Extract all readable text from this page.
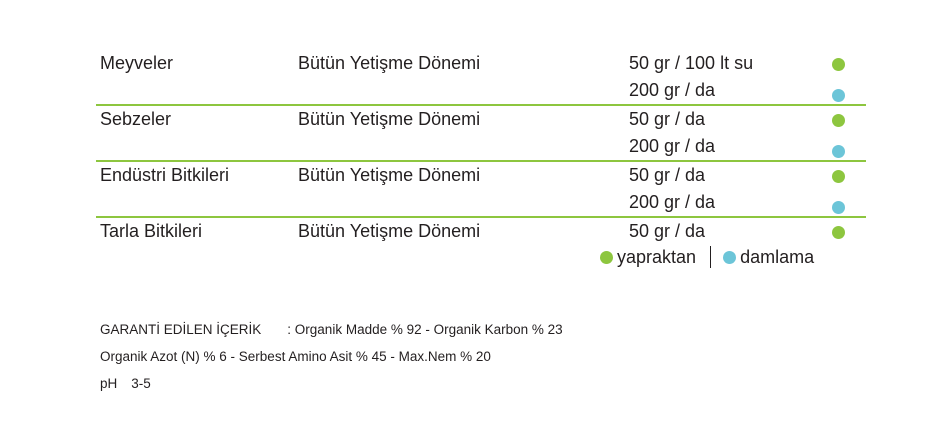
Meyveler	Bütün Yetişme Dönemi	50 gr / 100 lt su
200 gr / da
Sebzeler	Bütün Yetişme Dönemi	50 gr / da
200 gr / da
Endüstri Bitkileri	Bütün Yetişme Dönemi	50 gr / da
200 gr / da
Tarla Bitkileri	Bütün Yetişme Dönemi	50 gr / da
yapraktan damlama
GARANTİ EDİLEN İÇERİK : Organik Madde % 92 - Organik Karbon % 23
Organik Azot (N) % 6 - Serbest Amino Asit % 45 - Max.Nem % 20
pH 3-5
